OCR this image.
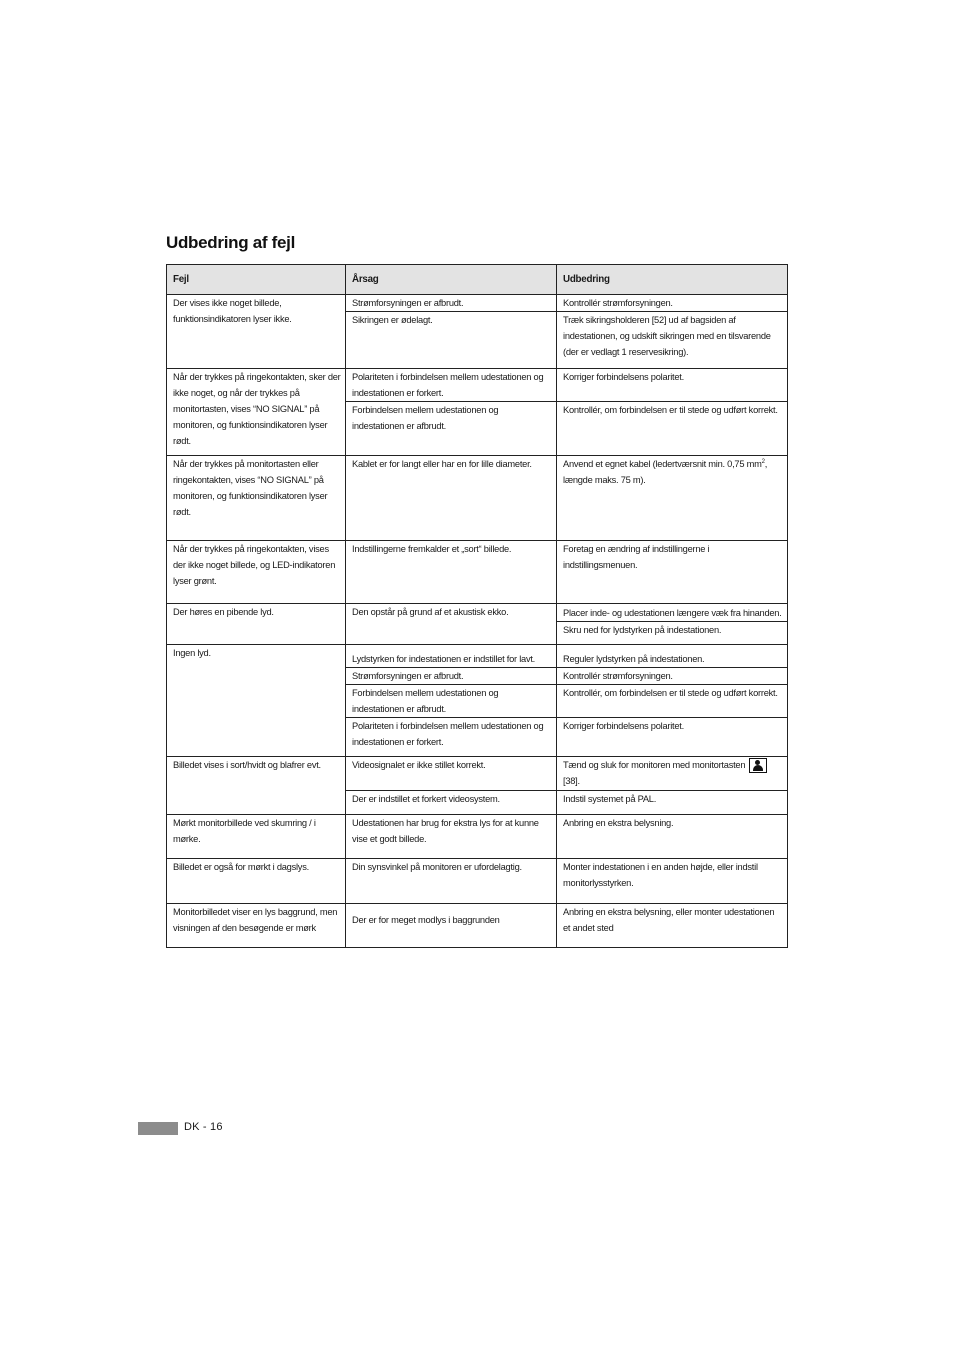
Udbedring af fejl
Fejl	Årsag	Udbedring
Der vises ikke noget billede, funktionsindikatoren lyser ikke.	Strømforsyningen er afbrudt.	Kontrollér strømforsyningen.
	Sikringen er ødelagt.	Træk sikringsholderen [52] ud af bagsiden af indestationen, og udskift sikringen med en tilsvarende (der er vedlagt 1 reservesikring).
Når der trykkes på ringekontakten, sker der ikke noget, og når der trykkes på monitortasten, vises “NO SIGNAL” på monitoren, og funktionsindikatoren lyser rødt.	Polariteten i forbindelsen mellem udestationen og indestationen er forkert.	Korriger forbindelsens polaritet.
	Forbindelsen mellem udestationen og indestationen er afbrudt.	Kontrollér, om forbindelsen er til stede og udført korrekt.
Når der trykkes på monitortasten eller ringekontakten, vises “NO SIGNAL” på monitoren, og funktionsindikatoren lyser rødt.	Kablet er for langt eller har en for lille diameter.	Anvend et egnet kabel (ledertværsnit min. 0,75 $mm^2$, længde maks. 75 m).
Når der trykkes på ringekontakten, vises der ikke noget billede, og LED-indikatoren lyser grønt.	Indstillingerne fremkalder et „sort“ billede.	Foretag en ændring af indstillingerne i indstillingsmenuen.
Der høres en pibende lyd.	Den opstår på grund af et akustisk ekko.	Placer inde- og udestationen længere væk fra hinanden.
		Skru ned for lydstyrken på indestationen.
Ingen lyd.	Lydstyrken for indestationen er indstillet for lavt.	Reguler lydstyrken på indestationen.
	Strømforsyningen er afbrudt.	Kontrollér strømforsyningen.
	Forbindelsen mellem udestationen og indestationen er afbrudt.	Kontrollér, om forbindelsen er til stede og udført korrekt.
	Polariteten i forbindelsen mellem udestationen og indestationen er forkert.	Korriger forbindelsens polaritet.
Billedet vises i sort/hvidt og blafrer evt.	Videosignalet er ikke stillet korrekt.	Tænd og sluk for monitoren med monitortasten
[38].
	Der er indstillet et forkert videosystem.	Indstil systemet på PAL.
Mørkt monitorbillede ved skumring / i mørke.	Udestationen har brug for ekstra lys for at kunne vise et godt billede.	Anbring en ekstra belysning.
Billedet er også for mørkt i dagslys.	Din synsvinkel på monitoren er ufordelagtig.	Monter indestationen i en anden højde, eller indstil monitorlysstyrken.
Monitorbilledet viser en lys baggrund, men visningen af den besøgende er mørk	Der er for meget modlys i baggrunden	Anbring en ekstra belysning, eller monter udestationen et andet sted
DK - 16
